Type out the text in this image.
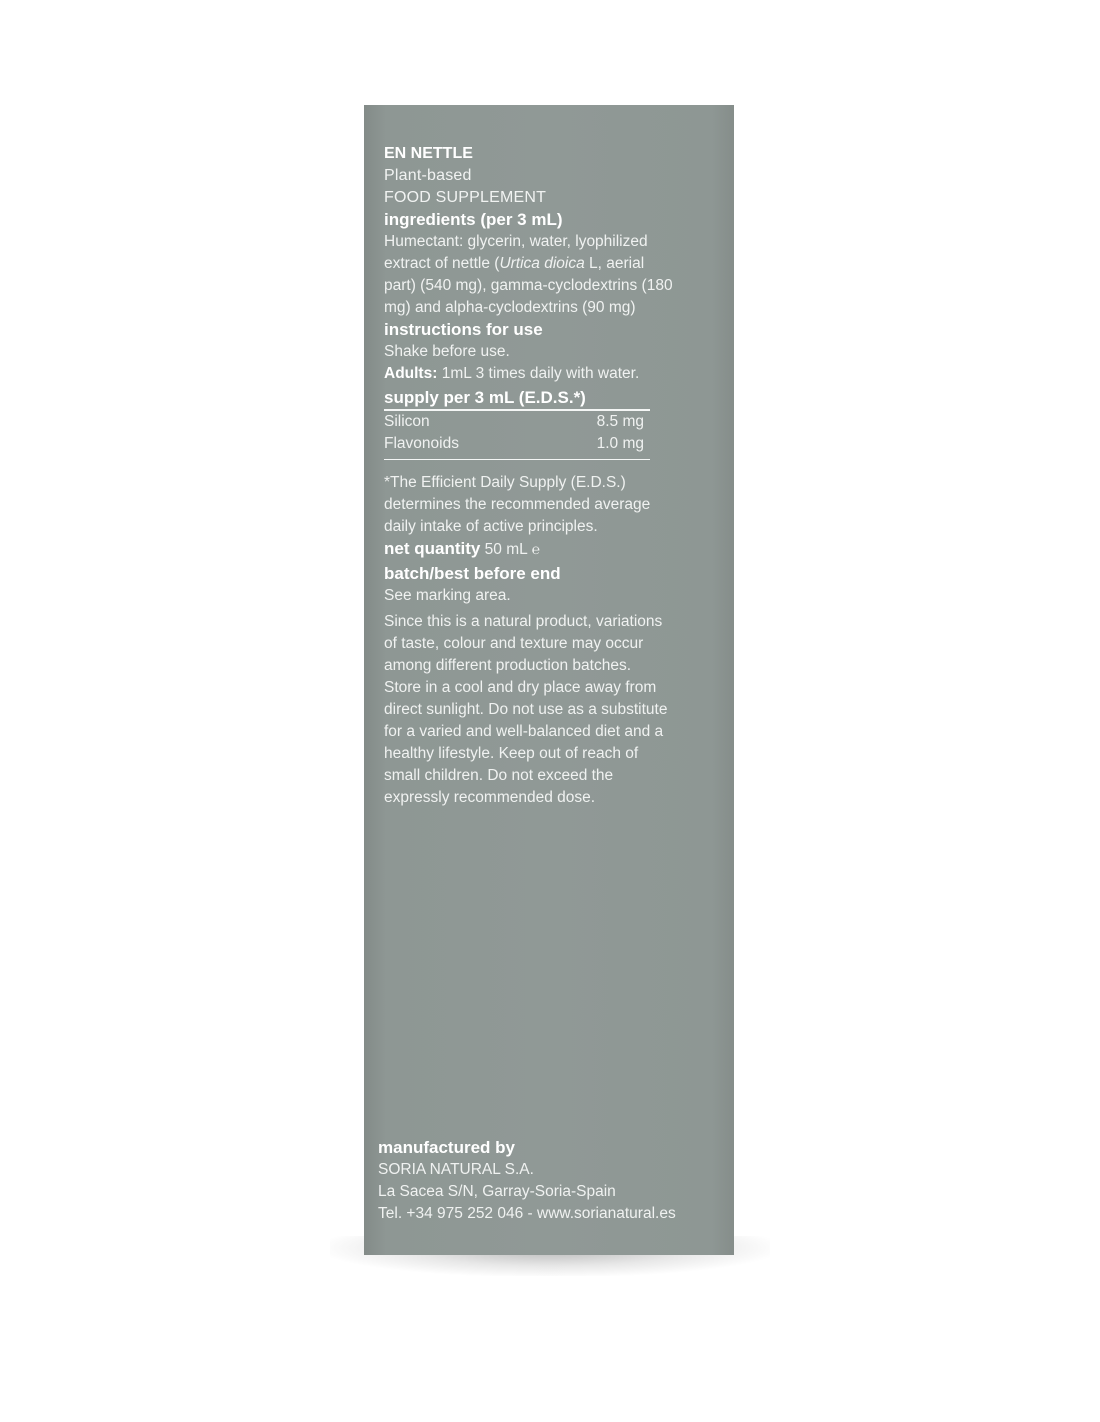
EN NETTLE
Plant-based
FOOD SUPPLEMENT
ingredients (per 3 mL)
Humectant: glycerin, water, lyophilized
extract of nettle (Urtica dioica L, aerial
part) (540 mg), gamma-cyclodextrins (180
mg) and alpha-cyclodextrins (90 mg)
instructions for use
Shake before use.
Adults: 1mL 3 times daily with water.
supply per 3 mL (E.D.S.*)
Silicon	8.5 mg
Flavonoids	1.0 mg
*The Efficient Daily Supply (E.D.S.)
determines the recommended average
daily intake of active principles.
net quantity 50 mL ℮
batch/best before end
See marking area.
Since this is a natural product, variations
of taste, colour and texture may occur
among different production batches.
Store in a cool and dry place away from
direct sunlight. Do not use as a substitute
for a varied and well-balanced diet and a
healthy lifestyle. Keep out of reach of
small children. Do not exceed the
expressly recommended dose.
manufactured by
SORIA NATURAL S.A.
La Sacea S/N, Garray-Soria-Spain
Tel. +34 975 252 046 - www.sorianatural.es
